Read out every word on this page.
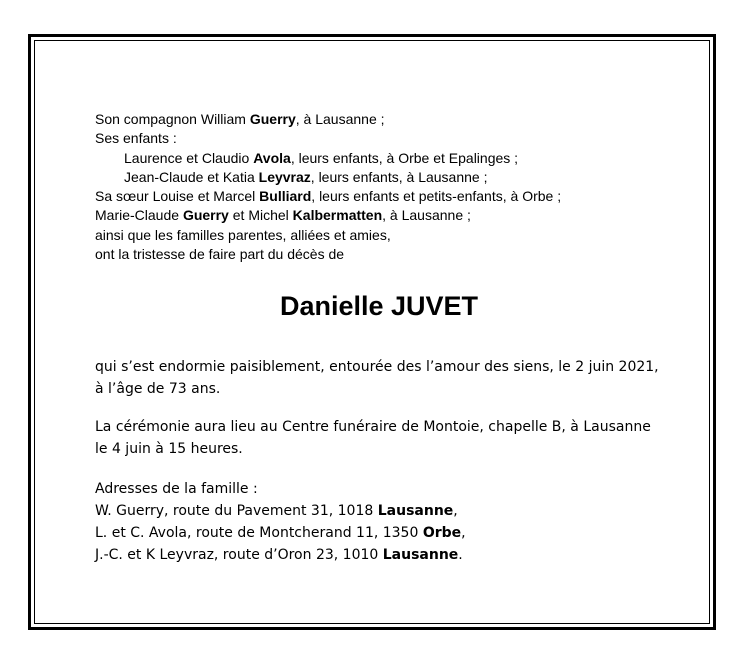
Son compagnon William Guerry, à Lausanne ;
Ses enfants :
Laurence et Claudio Avola, leurs enfants, à Orbe et Epalinges ;
Jean-Claude et Katia Leyvraz, leurs enfants, à Lausanne ;
Sa sœur Louise et Marcel Bulliard, leurs enfants et petits-enfants, à Orbe ;
Marie-Claude Guerry et Michel Kalbermatten, à Lausanne ;
ainsi que les familles parentes, alliées et amies,
ont la tristesse de faire part du décès de
Danielle JUVET
qui s’est endormie paisiblement, entourée des l’amour des siens, le 2 juin 2021,
à l’âge de 73 ans.
La cérémonie aura lieu au Centre funéraire de Montoie, chapelle B, à Lausanne
le 4 juin à 15 heures.
Adresses de la famille :
W. Guerry, route du Pavement 31, 1018 Lausanne,
L. et C. Avola, route de Montcherand 11, 1350 Orbe,
J.-C. et K Leyvraz, route d’Oron 23, 1010 Lausanne.
